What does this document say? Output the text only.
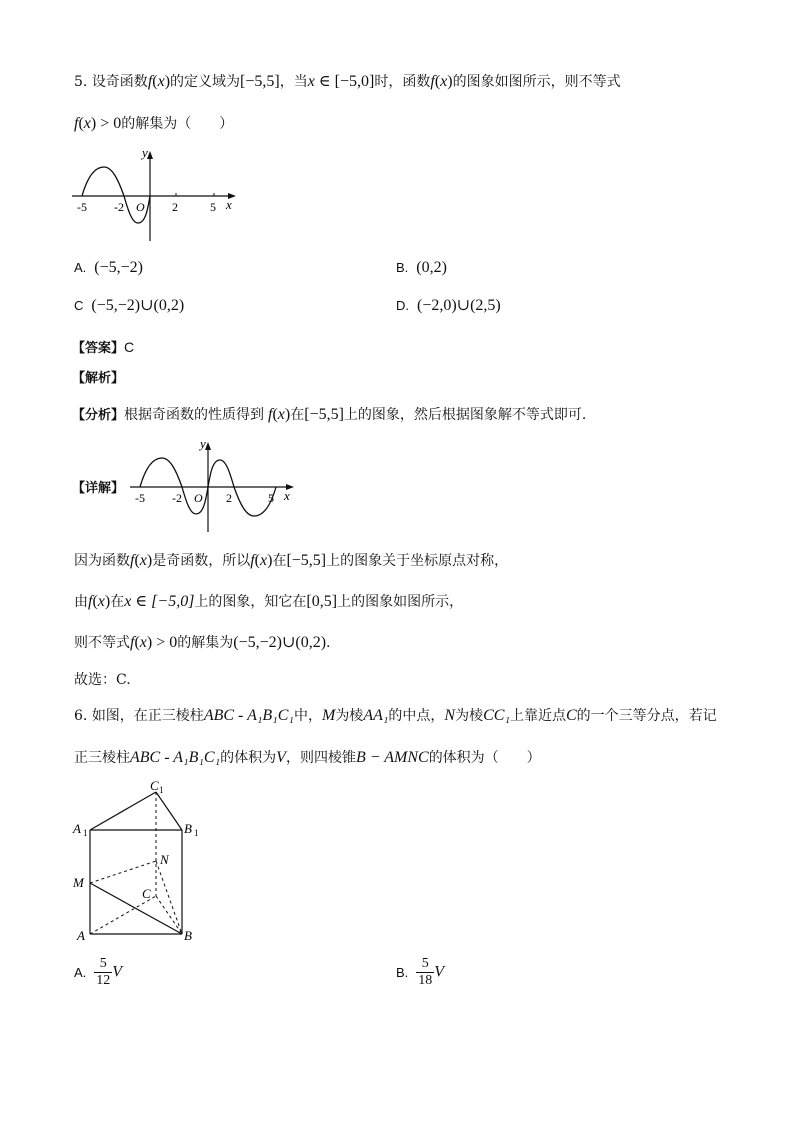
5. 设奇函数f(x)的定义域为[−5,5]，当x ∈ [−5,0]时，函数f(x)的图象如图所示，则不等式
f(x) > 0的解集为（　　）
y
x
-5 -2 O 2	5
A. (−5,−2)	B. (0,2)
C (−5,−2)∪(0,2)	D. (−2,0)∪(2,5)
【答案】C
【解析】
【分析】根据奇函数的性质得到 f(x)在[−5,5]上的图象，然后根据图象解不等式即可.
【详解】
y
x
-5 -2 O 2	5
因为函数f(x)是奇函数，所以f(x)在[−5,5]上的图象关于坐标原点对称，
由f(x)在x ∈ [−5,0]上的图象，知它在[0,5]上的图象如图所示，
则不等式f(x) > 0的解集为(−5,−2)∪(0,2).
故选：C.
6. 如图，在正三棱柱ABC - A₁B₁C₁中，M为棱AA₁的中点，N为棱CC₁上靠近点C的一个三等分点，若记
正三棱柱ABC - A₁B₁C₁的体积为V，则四棱锥B − AMNC的体积为（　　）
C 1
A 1	B 1
N
M
C
A	B
A. $\frac{5}{12}$ V	B. $\frac{5}{18}$ V
